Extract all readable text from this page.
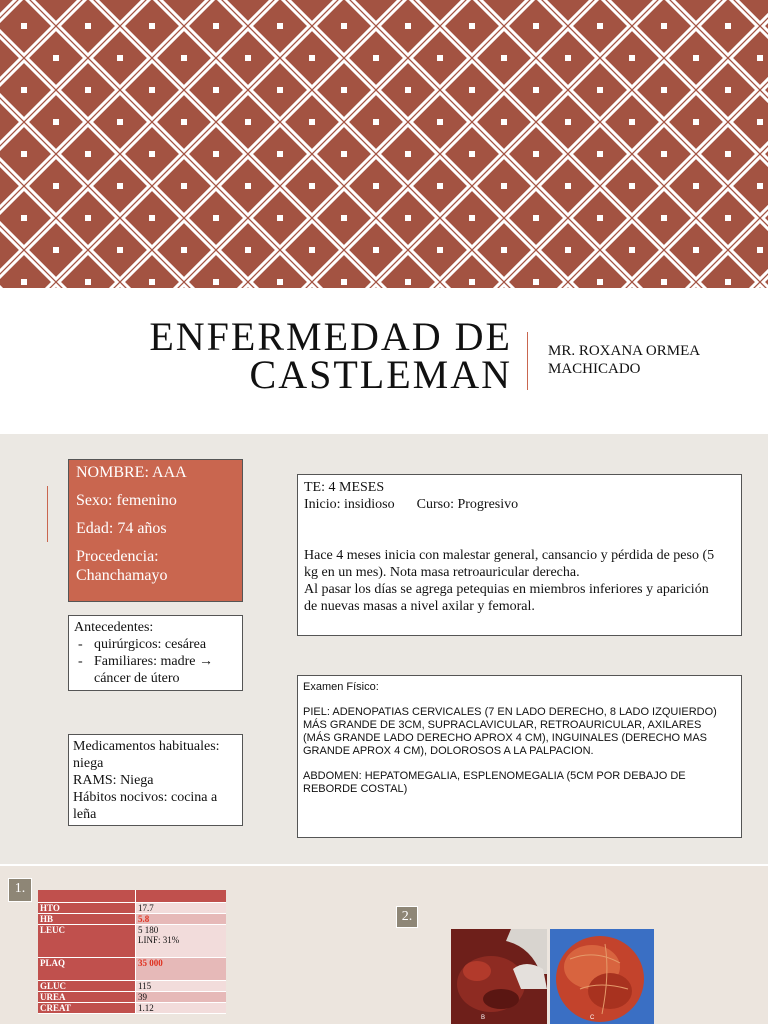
ENFERMEDAD DE
CASTLEMAN
MR. ROXANA ORMEA
MACHICADO
NOMBRE: AAA
Sexo: femenino
Edad: 74 años
Procedencia:
Chanchamayo
Antecedentes:
- quirúrgicos: cesárea
- Familiares: madre →
cáncer de útero
Medicamentos habituales:
niega
RAMS: Niega
Hábitos nocivos: cocina a
leña
TE: 4 MESES
Inicio: insidioso Curso: Progresivo
Hace 4 meses inicia con malestar general, cansancio y pérdida de peso (5
kg en un mes). Nota masa retroauricular derecha.
Al pasar los días se agrega petequias en miembros inferiores y aparición
de nuevas masas a nivel axilar y femoral.
Examen Físico:
PIEL: ADENOPATIAS CERVICALES (7 EN LADO DERECHO, 8 LADO IZQUIERDO)
MÁS GRANDE DE 3CM, SUPRACLAVICULAR, RETROAURICULAR, AXILARES
(MÁS GRANDE LADO DERECHO APROX 4 CM), INGUINALES (DERECHO MAS
GRANDE APROX 4 CM), DOLOROSOS A LA PALPACION.
ABDOMEN: HEPATOMEGALIA, ESPLENOMEGALIA (5CM POR DEBAJO DE
REBORDE COSTAL)
1.
2.

HTO	17.7
HB	5.8
LEUC	5 180
LINF: 31%

PLAQ	35 000
GLUC	115
UREA	39
CREAT	1.12
B	C
